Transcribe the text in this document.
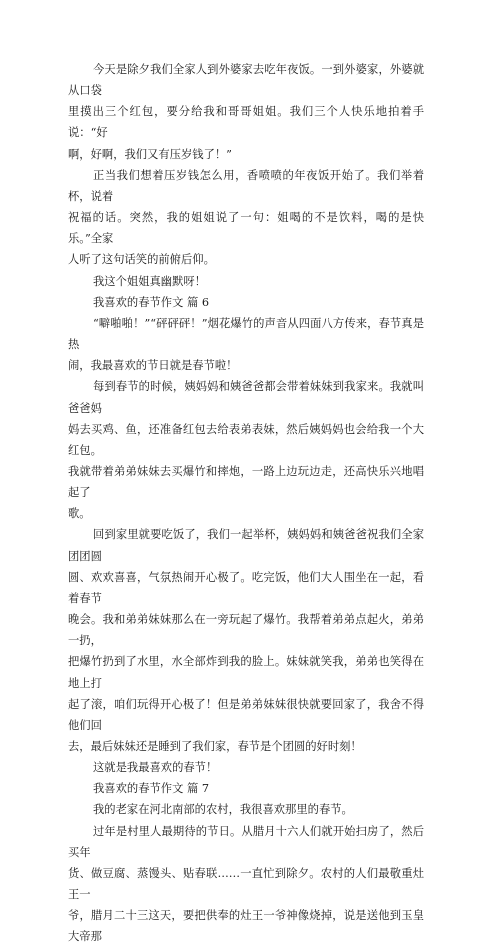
今天是除夕我们全家人到外婆家去吃年夜饭。一到外婆家，外婆就从口袋
里摸出三个红包，要分给我和哥哥姐姐。我们三个人快乐地拍着手说：“好
啊，好啊，我们又有压岁钱了！”

正当我们想着压岁钱怎么用，香喷喷的年夜饭开始了。我们举着杯，说着
祝福的话。突然，我的姐姐说了一句：姐喝的不是饮料，喝的是快乐。”全家
人听了这句话笑的前俯后仰。

我这个姐姐真幽默呀！

我喜欢的春节作文 篇 6

“噼啪啪！”“砰砰砰！”烟花爆竹的声音从四面八方传来，春节真是热
闹，我最喜欢的节日就是春节啦！

每到春节的时候，姨妈妈和姨爸爸都会带着妹妹到我家来。我就叫爸爸妈
妈去买鸡、鱼，还准备红包去给表弟表妹，然后姨妈妈也会给我一个大红包。
我就带着弟弟妹妹去买爆竹和摔炮，一路上边玩边走，还高快乐兴地唱起了
歌。

回到家里就要吃饭了，我们一起举杯，姨妈妈和姨爸爸祝我们全家团团圆
圆、欢欢喜喜，气氛热闹开心极了。吃完饭，他们大人围坐在一起，看着春节
晚会。我和弟弟妹妹那么在一旁玩起了爆竹。我帮着弟弟点起火，弟弟一扔，
把爆竹扔到了水里，水全部炸到我的脸上。妹妹就笑我，弟弟也笑得在地上打
起了滚，咱们玩得开心极了！但是弟弟妹妹很快就要回家了，我舍不得他们回
去，最后妹妹还是睡到了我们家，春节是个团圆的好时刻！

这就是我最喜欢的春节！

我喜欢的春节作文 篇 7

我的老家在河北南部的农村，我很喜欢那里的春节。

过年是村里人最期待的节日。从腊月十六人们就开始扫房了，然后买年
货、做豆腐、蒸馒头、贴春联……一直忙到除夕。农村的人们最敬重灶王一
爷，腊月二十三这天，要把供奉的灶王一爷神像烧掉，说是送他到玉皇大帝那
